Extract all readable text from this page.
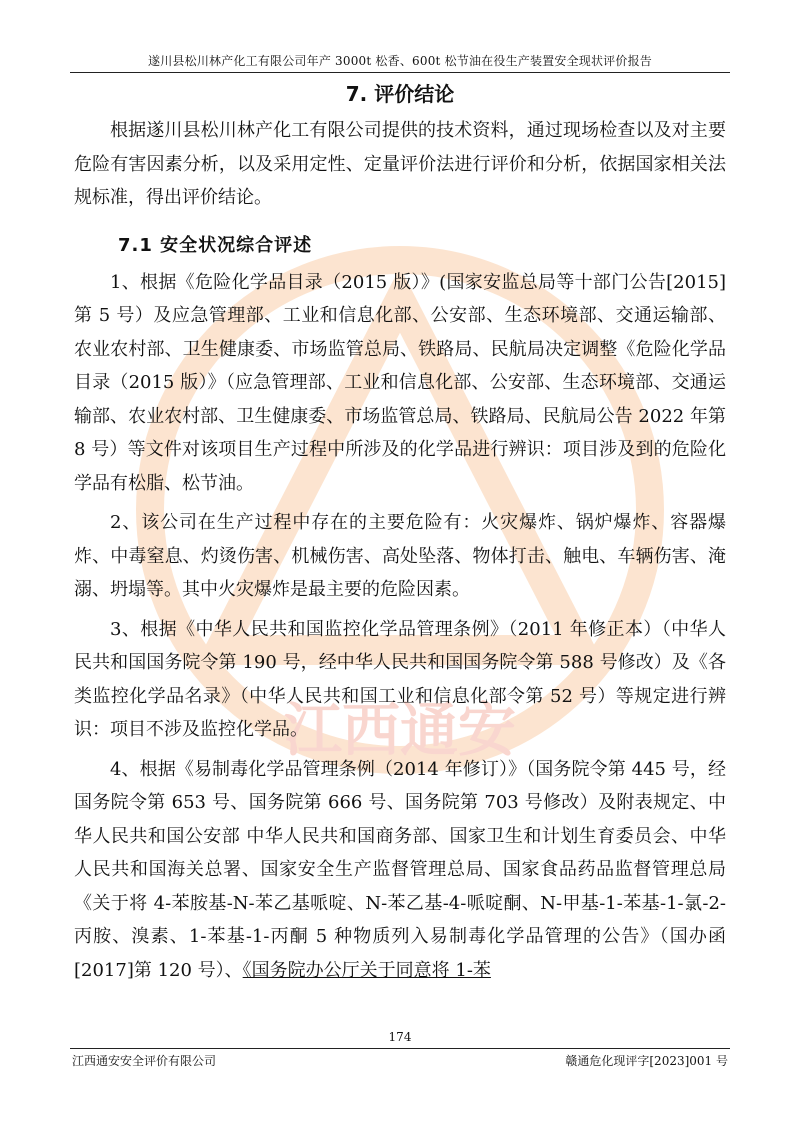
江西通安
遂川县松川林产化工有限公司年产 3000t 松香、600t 松节油在役生产装置安全现状评价报告
7. 评价结论

根据遂川县松川林产化工有限公司提供的技术资料，通过现场检查以及对主要危险有害因素分析，以及采用定性、定量评价法进行评价和分析，依据国家相关法规标准，得出评价结论。

7.1 安全状况综合评述

1、根据《危险化学品目录（2015 版）》(国家安监总局等十部门公告[2015]第 5 号）及应急管理部、工业和信息化部、公安部、生态环境部、交通运输部、农业农村部、卫生健康委、市场监管总局、铁路局、民航局决定调整《危险化学品目录（2015 版）》（应急管理部、工业和信息化部、公安部、生态环境部、交通运输部、农业农村部、卫生健康委、市场监管总局、铁路局、民航局公告 2022 年第 8 号）等文件对该项目生产过程中所涉及的化学品进行辨识：项目涉及到的危险化学品有松脂、松节油。

2、该公司在生产过程中存在的主要危险有：火灾爆炸、锅炉爆炸、容器爆炸、中毒窒息、灼烫伤害、机械伤害、高处坠落、物体打击、触电、车辆伤害、淹溺、坍塌等。其中火灾爆炸是最主要的危险因素。

3、根据《中华人民共和国监控化学品管理条例》（2011 年修正本）（中华人民共和国国务院令第 190 号，经中华人民共和国国务院令第 588 号修改）及《各类监控化学品名录》（中华人民共和国工业和信息化部令第 52 号）等规定进行辨识：项目不涉及监控化学品。

4、根据《易制毒化学品管理条例（2014 年修订）》（国务院令第 445 号，经国务院令第 653 号、国务院第 666 号、国务院第 703 号修改）及附表规定、中华人民共和国公安部 中华人民共和国商务部、国家卫生和计划生育委员会、中华人民共和国海关总署、国家安全生产监督管理总局、国家食品药品监督管理总局《关于将 4-苯胺基-N-苯乙基哌啶、N-苯乙基-4-哌啶酮、N-甲基-1-苯基-1-氯-2-丙胺、溴素、1-苯基-1-丙酮 5 种物质列入易制毒化学品管理的公告》（国办函[2017]第 120 号）、《国务院办公厅关于同意将 1-苯

174
江西通安安全评价有限公司	赣通危化现评字[2023]001 号
